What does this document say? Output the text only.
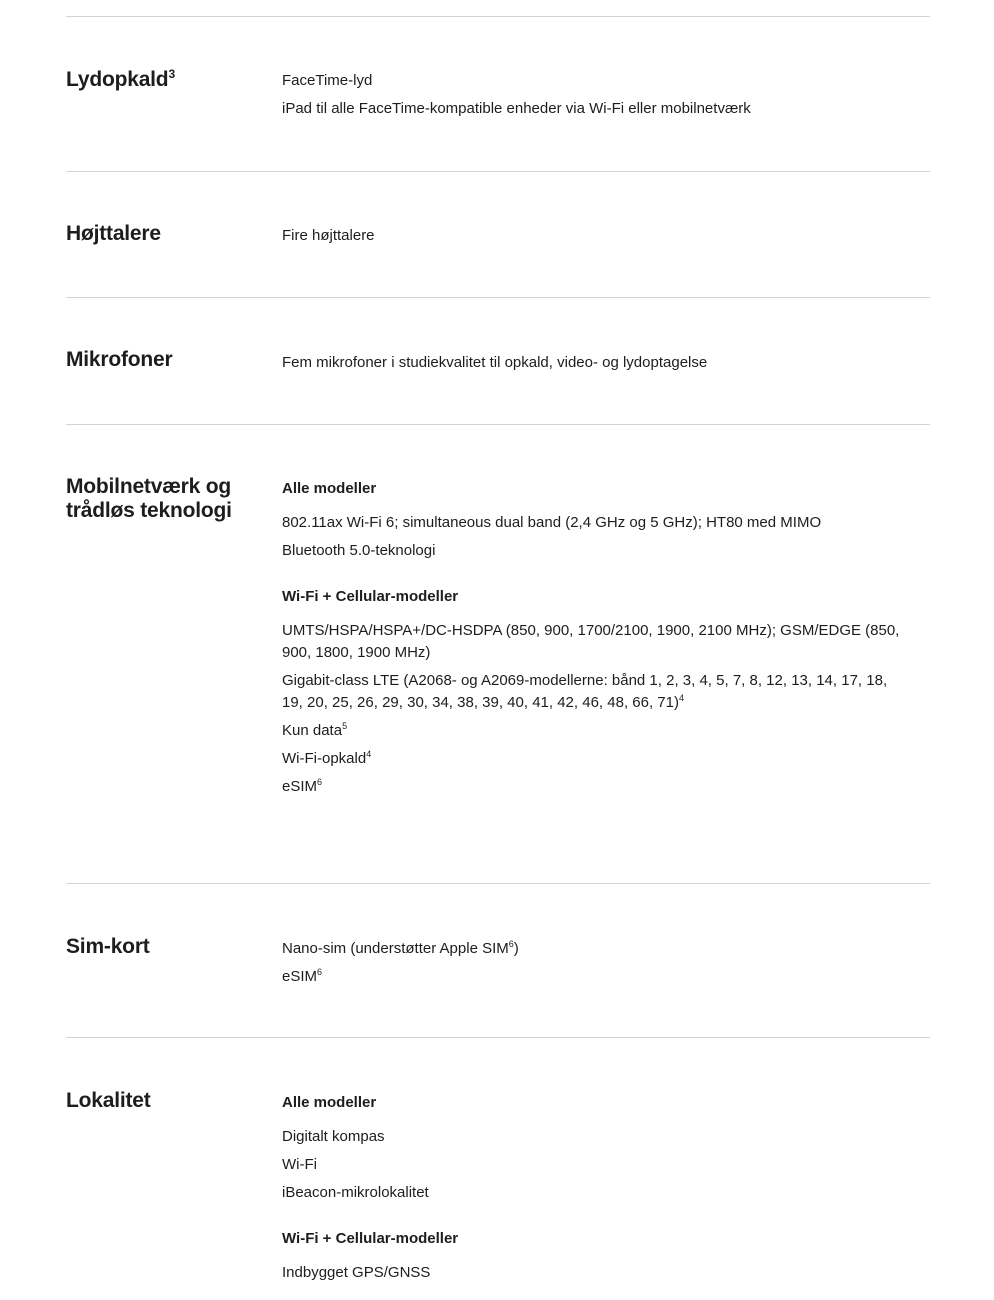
Lydopkald$^3$	FaceTime-lyd
iPad til alle FaceTime-kompatible enheder via Wi-Fi eller mobilnetværk
Højttalere	Fire højttalere
Mikrofoner	Fem mikrofoner i studiekvalitet til opkald, video- og lydoptagelse
Mobilnetværk og trådløs teknologi
Alle modeller
802.11ax Wi-Fi 6; simultaneous dual band (2,4 GHz og 5 GHz); HT80 med MIMO
Bluetooth 5.0-teknologi
Wi-Fi + Cellular-modeller
UMTS/HSPA/HSPA+/DC-HSDPA (850, 900, 1700/2100, 1900, 2100 MHz); GSM/EDGE (850, 900, 1800, 1900 MHz)
Gigabit-class LTE (A2068- og A2069-modellerne: bånd 1, 2, 3, 4, 5, 7, 8, 12, 13, 14, 17, 18, 19, 20, 25, 26, 29, 30, 34, 38, 39, 40, 41, 42, 46, 48, 66, 71)$^4$
Kun data$^5$
Wi-Fi-opkald$^4$
eSIM$^6$
Sim-kort	Nano-sim (understøtter Apple SIM$^6$)
eSIM$^6$
Lokalitet	Alle modeller
Digitalt kompas
Wi-Fi
iBeacon-mikrolokalitet
Wi-Fi + Cellular-modeller
Indbygget GPS/GNSS
